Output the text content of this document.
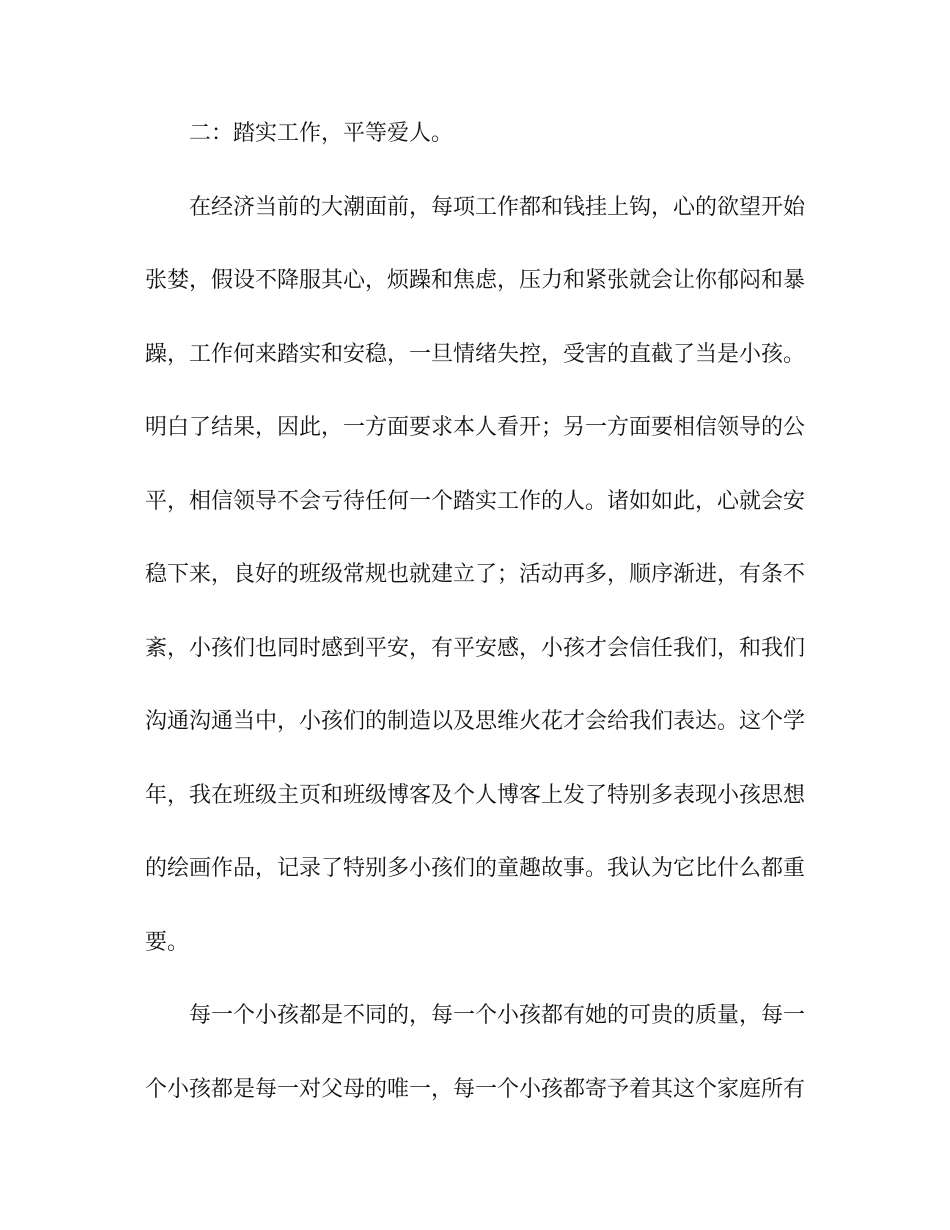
二：踏实工作，平等爱人。

在经济当前的大潮面前，每项工作都和钱挂上钩，心的欲望开始

张婪，假设不降服其心，烦躁和焦虑，压力和紧张就会让你郁闷和暴

躁，工作何来踏实和安稳，一旦情绪失控，受害的直截了当是小孩。

明白了结果，因此，一方面要求本人看开；另一方面要相信领导的公

平，相信领导不会亏待任何一个踏实工作的人。诸如如此，心就会安

稳下来，良好的班级常规也就建立了；活动再多，顺序渐进，有条不

紊，小孩们也同时感到平安，有平安感，小孩才会信任我们，和我们

沟通沟通当中，小孩们的制造以及思维火花才会给我们表达。这个学

年，我在班级主页和班级博客及个人博客上发了特别多表现小孩思想

的绘画作品，记录了特别多小孩们的童趣故事。我认为它比什么都重

要。

每一个小孩都是不同的，每一个小孩都有她的可贵的质量，每一

个小孩都是每一对父母的唯一，每一个小孩都寄予着其这个家庭所有
